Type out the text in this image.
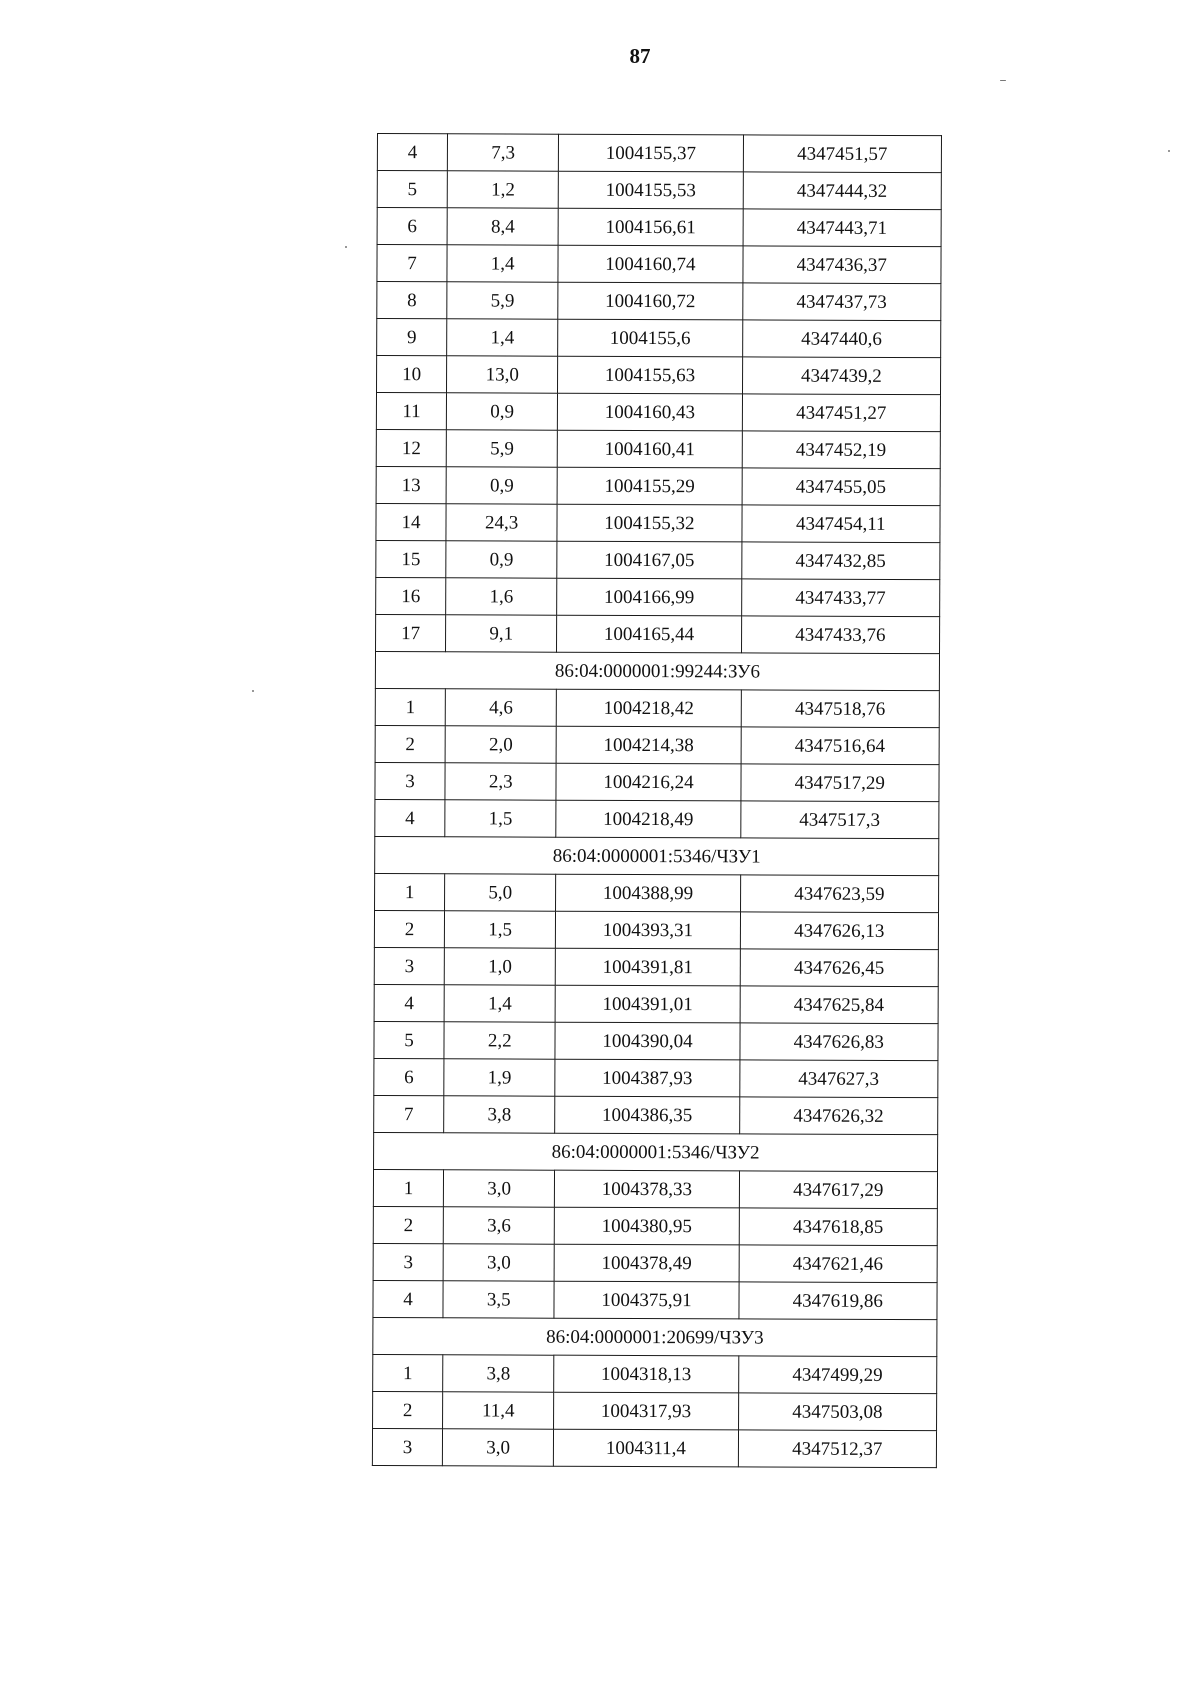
87
4	7,3	1004155,37	4347451,57
5	1,2	1004155,53	4347444,32
6	8,4	1004156,61	4347443,71
7	1,4	1004160,74	4347436,37
8	5,9	1004160,72	4347437,73
9	1,4	1004155,6	4347440,6
10	13,0	1004155,63	4347439,2
11	0,9	1004160,43	4347451,27
12	5,9	1004160,41	4347452,19
13	0,9	1004155,29	4347455,05
14	24,3	1004155,32	4347454,11
15	0,9	1004167,05	4347432,85
16	1,6	1004166,99	4347433,77
17	9,1	1004165,44	4347433,76
86:04:0000001:99244:ЗУ6			
1	4,6	1004218,42	4347518,76
2	2,0	1004214,38	4347516,64
3	2,3	1004216,24	4347517,29
4	1,5	1004218,49	4347517,3
86:04:0000001:5346/ЧЗУ1			
1	5,0	1004388,99	4347623,59
2	1,5	1004393,31	4347626,13
3	1,0	1004391,81	4347626,45
4	1,4	1004391,01	4347625,84
5	2,2	1004390,04	4347626,83
6	1,9	1004387,93	4347627,3
7	3,8	1004386,35	4347626,32
86:04:0000001:5346/ЧЗУ2			
1	3,0	1004378,33	4347617,29
2	3,6	1004380,95	4347618,85
3	3,0	1004378,49	4347621,46
4	3,5	1004375,91	4347619,86
86:04:0000001:20699/ЧЗУ3			
1	3,8	1004318,13	4347499,29
2	11,4	1004317,93	4347503,08
3	3,0	1004311,4	4347512,37
